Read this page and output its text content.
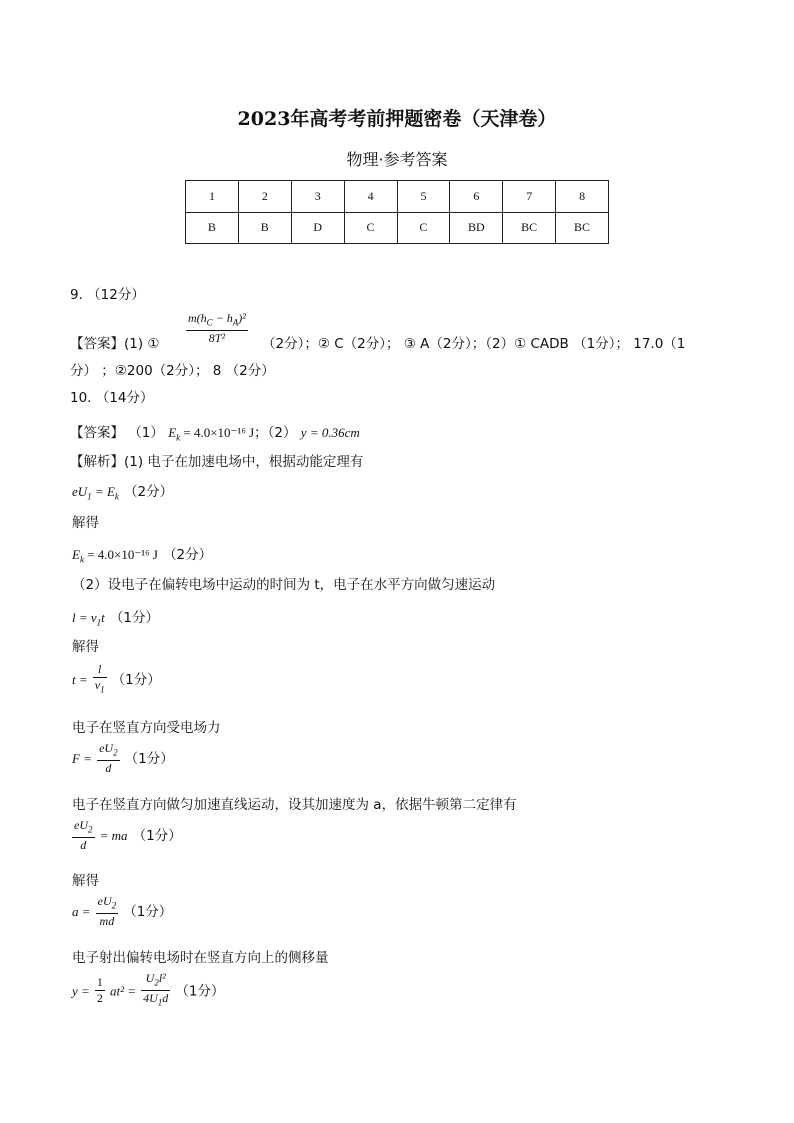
2023年高考考前押题密卷（天津卷）
物理·参考答案
1	2	3	4	5	6	7	8
B	B	D	C	C	BD	BC	BC
9. （12分）
$\frac{m(h_C - h_A)^2}{\text{8T²}}$
【答案】(1) ①	（2分）；② C（2分）； ③ A（2分）；（2）① CADB （1分）； 17.0（1
分） ；②200（2分）； 8 （2分）
10. （14分）
【答案】 （1） $E_k = 4.0\times 10^{-16}$ J；（2） y = 0.36cm
【解析】(1) 电子在加速电场中，根据动能定理有
$eU_1 = E_k$ （2分）
解得
$E_k = 4.0\times 10^{-16}$ J （2分）
（2）设电子在偏转电场中运动的时间为 t，电子在水平方向做匀速运动
$l = v_1t$ （1分）
解得
$t = \frac{l}{v_1} (1$分）
电子在竖直方向受电场力
$F = \frac{eU_2}{d} (1$分）
电子在竖直方向做匀加速直线运动，设其加速度为 a，依据牛顿第二定律有
$\frac{eU_2}{d}$ = ma （1分）
解得
$a = \frac{eU_2}{md} (1$分）
电子射出偏转电场时在竖直方向上的侧移量
$y = \frac{1}{2} at^2 = \frac{U_2l^2}{4U_1d} (1$分）
